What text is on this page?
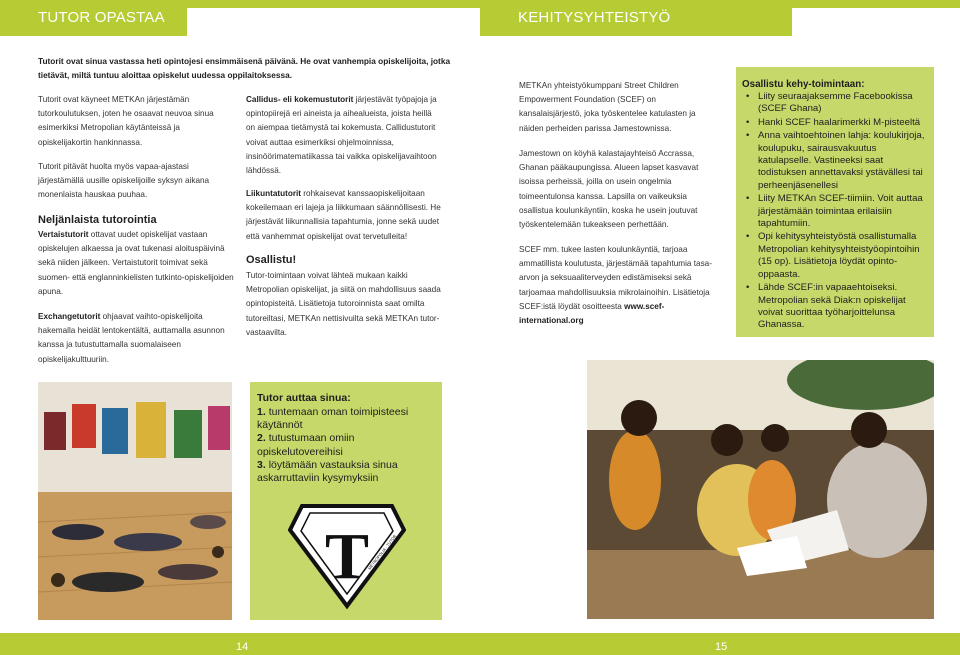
TUTOR OPASTAA	KEHITYSYHTEISTYÖ
Tutorit ovat sinua vastassa heti opintojesi ensimmäisenä päivänä. He ovat vanhempia opiskelijoita, jotka tietävät, miltä tuntuu aloittaa opiskelut uudessa oppilaitoksessa.
Tutorit ovat käyneet METKAn järjestämän tutorkoulutuksen, joten he osaavat neuvoa sinua esimerkiksi Metropolian käytänteissä ja opiskelijakortin hankinnassa.
Tutorit pitävät huolta myös vapaa-ajastasi järjestämällä uusille opiskelijoille syksyn aikana monenlaista hauskaa puuhaa.
Neljänlaista tutorointia
Vertaistutorit ottavat uudet opiskelijat vastaan opiskelujen alkaessa ja ovat tukenasi aloituspäivinä sekä niiden jälkeen. Vertaistutorit toimivat sekä suomen- että englanninkielisten tutkinto-opiskelijoiden apuna.
Exchangetutorit ohjaavat vaihto-opiskelijoita hakemalla heidät lentokentältä, auttamalla asunnon kanssa ja tutustuttamalla suomalaiseen opiskelijakulttuuriin.
Callidus- eli kokemustutorit järjestävät työpajoja ja opintopiirejä eri aineista ja aihealueista, joista heillä on aiempaa tietämystä tai kokemusta. Callidustutorit voivat auttaa esimerkiksi ohjelmoinnissa, insinöörimatematiikassa tai vaikka opiskelijavaihtoon lähdössä.
Liikuntatutorit rohkaisevat kanssaopiskelijoitaan kokeilemaan eri lajeja ja liikkumaan säännöllisesti. He järjestävät liikunnallisia tapahtumia, jonne sekä uudet että vanhemmat opiskelijat ovat tervetulleita!
Osallistu!
Tutor-toimintaan voivat lähteä mukaan kaikki Metropolian opiskelijat, ja siitä on mahdollisuus saada opintopisteitä. Lisätietoja tutoroinnista saat omilta tutoreiltasi, METKAn nettisivuilta sekä METKAn tutor-vastaavilta.
Tutor auttaa sinua:
1. tuntemaan oman toimipisteesi käytännöt
2. tutustumaan omiin opiskelutovereihisi
3. löytämään vastauksia sinua askarruttaviin kysymyksiin
T
METROPOLIA · TUTOR
METKAn yhteistyökumppani Street Children Empowerment Foundation (SCEF) on kansalaisjärjestö, joka työskentelee katulasten ja näiden perheiden parissa Jamestownissa.
Jamestown on köyhä kalastajayhteisö Accrassa, Ghanan pääkaupungissa. Alueen lapset kasvavat isoissa perheissä, joilla on usein ongelmia toimeentulonsa kanssa. Lapsilla on vaikeuksia osallistua koulunkäyntiin, koska he usein joutuvat työskentelemään tukeakseen perhettään.
SCEF mm. tukee lasten koulunkäyntiä, tarjoaa ammatillista koulutusta, järjestämää tapahtumia tasa-arvon ja seksuaaliterveyden edistämiseksi sekä tarjoamaa mahdollisuuksia mikrolainoihin. Lisätietoja SCEF:istä löydät osoitteesta www.scef-international.org
Osallistu kehy-toimintaan:
• Liity seuraajaksemme Facebookissa (SCEF Ghana)
• Hanki SCEF haalarimerkki M-pisteeltä
• Anna vaihtoehtoinen lahja: koulukirjoja, koulupuku, sairausvakuutus katulapselle. Vastineeksi saat todistuksen annettavaksi ystävällesi tai perheenjäsenellesi
• Liity METKAn SCEF-tiimiin. Voit auttaa järjestämään toimintaa erilaisiin tapahtumiin.
• Opi kehitysyhteistyöstä osallistumalla Metropolian kehitysyhteistyöopintoihin (15 op). Lisätietoja löydät opinto-oppaasta.
• Lähde SCEF:in vapaaehtoiseksi. Metropolian sekä Diak:n opiskelijat voivat suorittaa työharjoittelunsa Ghanassa.
14	15
